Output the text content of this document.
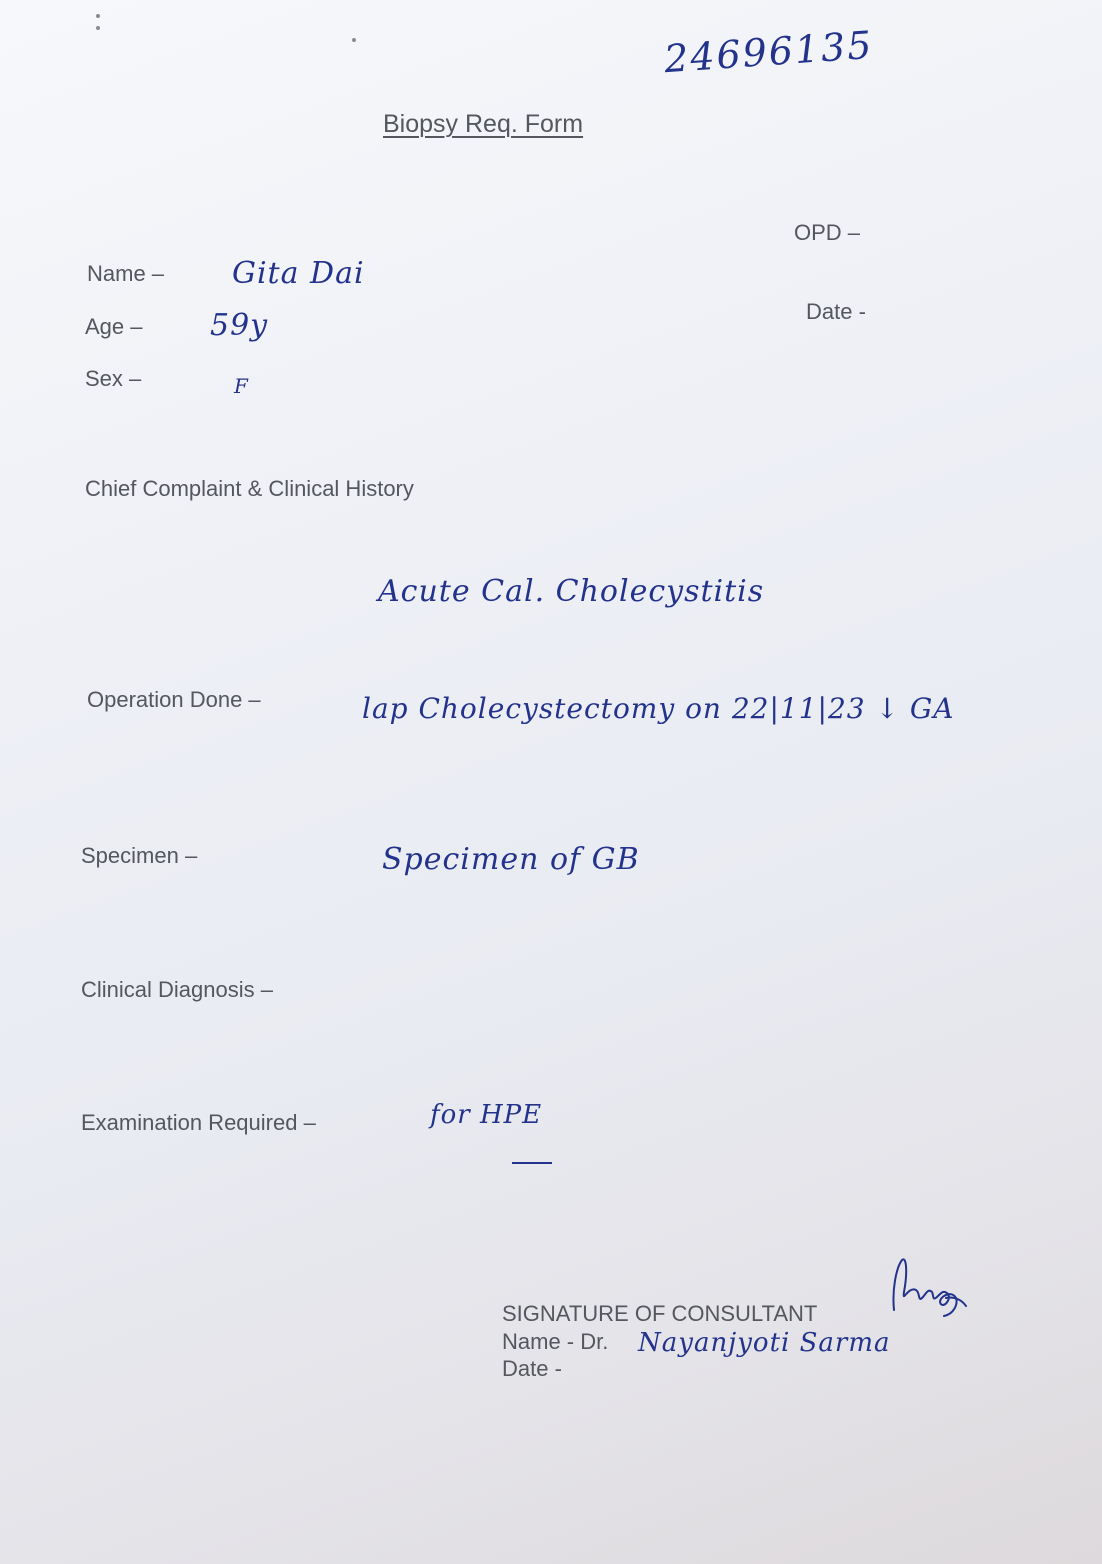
24696135
Biopsy Req. Form
OPD –
Date -
Name – Gita Dai
Age – 59y
Sex –	F
Chief Complaint & Clinical History
Acute Cal. Cholecystitis
Operation Done –	lap Cholecystectomy on 22|11|23 ↓ GA
Specimen –	Specimen of GB
Clinical Diagnosis –
Examination Required –	for HPE
SIGNATURE OF CONSULTANT
Name - Dr. Nayanjyoti Sarma
Date -
